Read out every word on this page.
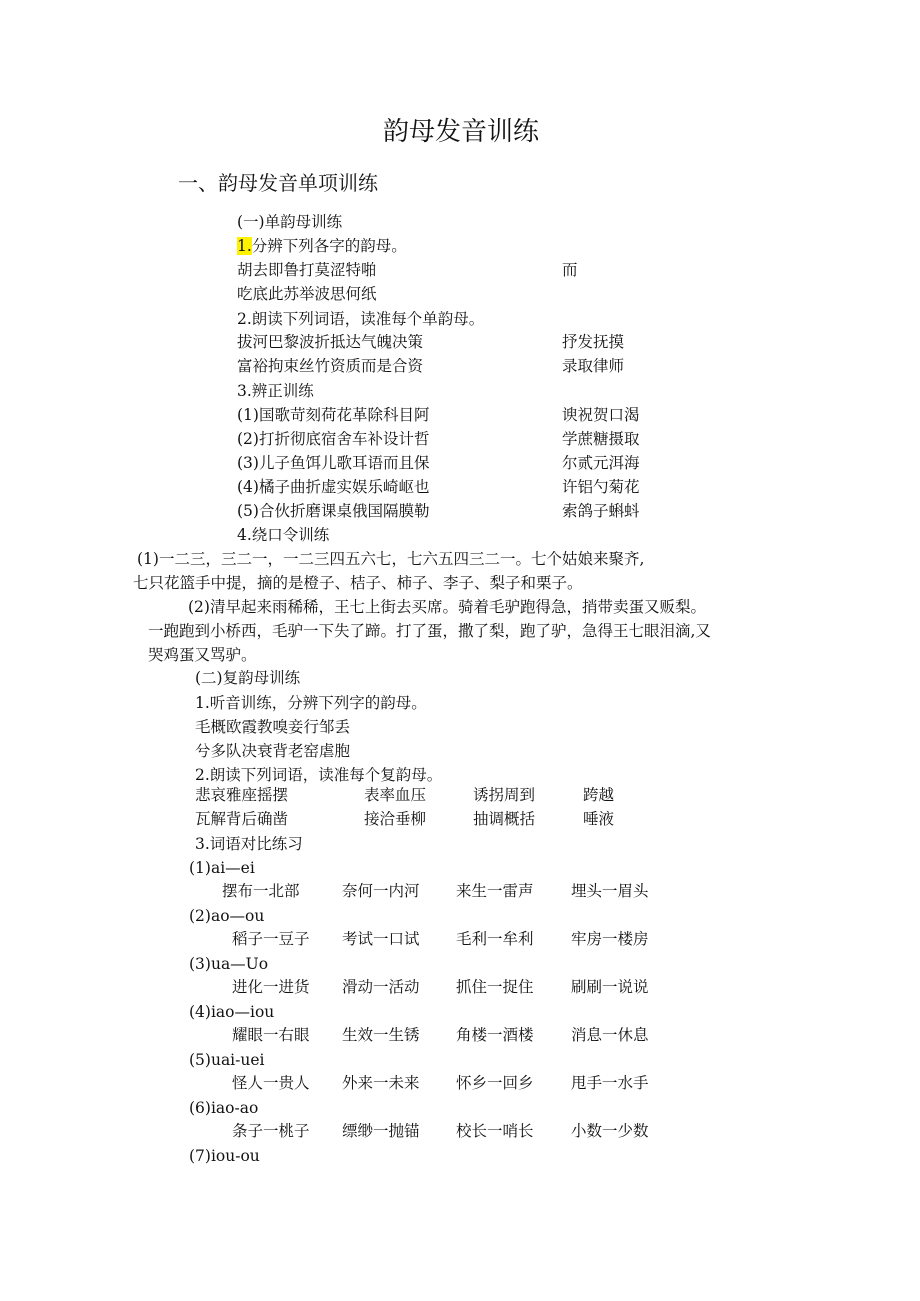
韵母发音训练
一、韵母发音单项训练
(一)单韵母训练
1.分辨下列各字的韵母。
胡去即鲁打莫涩特啪	而
吃底此苏举波思何纸
2.朗读下列词语，读准每个单韵母。
拔河巴黎波折抵达气魄决策	抒发抚摸
富裕拘束丝竹资质而是合资	录取律师
3.辨正训练
(1)国歌苛刻荷花革除科目阿	谀祝贺口渴
(2)打折彻底宿舍车补设计哲	学蔗糖摄取
(3)儿子鱼饵儿歌耳语而且保	尔贰元洱海
(4)橘子曲折虚实娱乐崎岖也	许铝勺菊花
(5)合伙折磨课桌俄国隔膜勒	索鸽子蝌蚪
4.绕口令训练
(1)一二三，三二一，一二三四五六七，七六五四三二一。七个姑娘来聚齐,
七只花篮手中提，摘的是橙子、桔子、柿子、李子、梨子和栗子。
(2)清早起来雨稀稀，王七上街去买席。骑着毛驴跑得急，捎带卖蛋又贩梨。
一跑跑到小桥西，毛驴一下失了蹄。打了蛋，撒了梨，跑了驴，急得王七眼泪滴,又
哭鸡蛋又骂驴。
(二)复韵母训练
1.听音训练，分辨下列字的韵母。
毛概欧霞教嗅妾行邹丢
兮多队决衰背老窑虐胞
2.朗读下列词语，读准每个复韵母。
悲哀雅座摇摆	表率血压	诱拐周到	跨越
瓦解背后确凿	接洽垂柳	抽调概括	唾液
3.词语对比练习
(1)ai—ei
摆布一北部	奈何一内河 来生一雷声 埋头一眉头
(2)ao—ou
稻子一豆子 考试一口试 毛利一牟利 牢房一楼房
(3)ua—Uo
进化一进货 滑动一活动 抓住一捉住 刷刷一说说
(4)iao—iou
耀眼一右眼 生效一生锈 角楼一酒楼 消息一休息
(5)uai-uei
怪人一贵人 外来一未来 怀乡一回乡 甩手一水手
(6)iao-ao
条子一桃子 缥缈一抛锚 校长一哨长 小数一少数
(7)iou-ou
